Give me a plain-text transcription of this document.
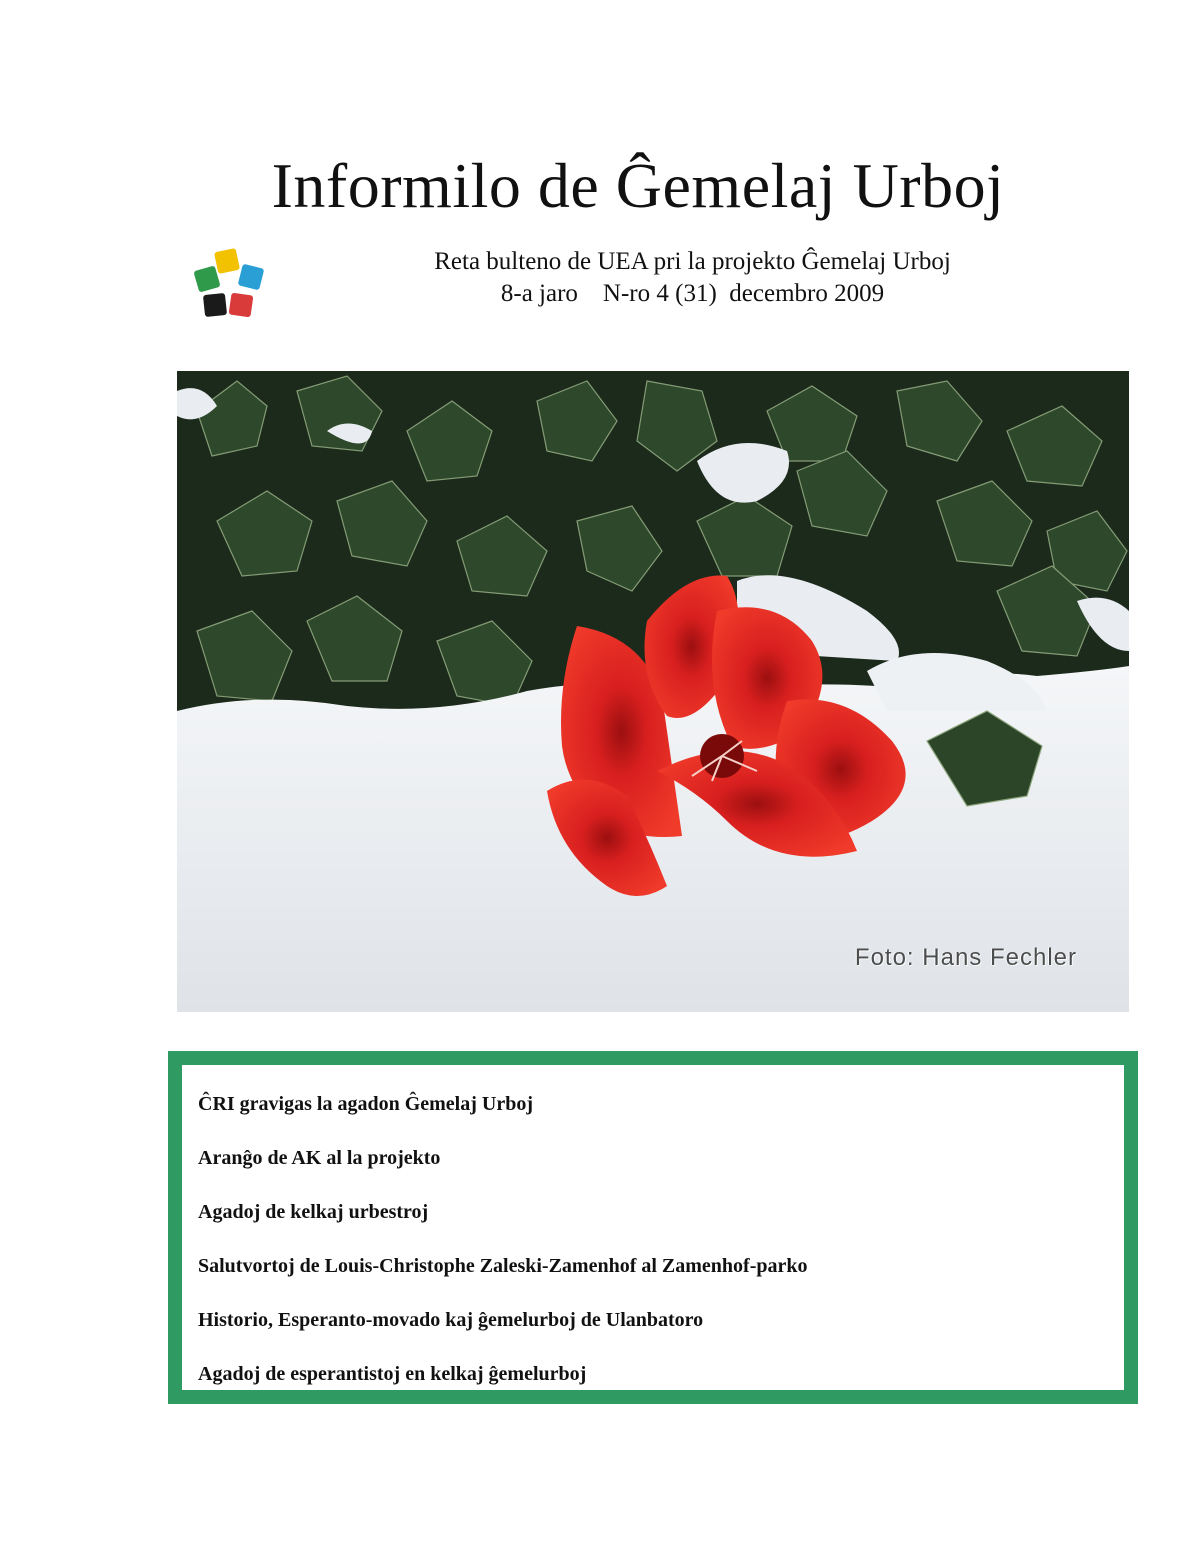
Informilo de Ĝemelaj Urboj
Reta bulteno de UEA pri la projekto Ĝemelaj Urboj
8-a jaro    N-ro 4 (31)  decembro 2009
Foto: Hans Fechler
ĈRI gravigas la agadon Ĝemelaj Urboj
Aranĝo de AK al la projekto
Agadoj de kelkaj urbestroj
Salutvortoj de Louis-Christophe Zaleski-Zamenhof al Zamenhof-parko
Historio, Esperanto-movado kaj ĝemelurboj de Ulanbatoro
Agadoj de esperantistoj en kelkaj ĝemelurboj
